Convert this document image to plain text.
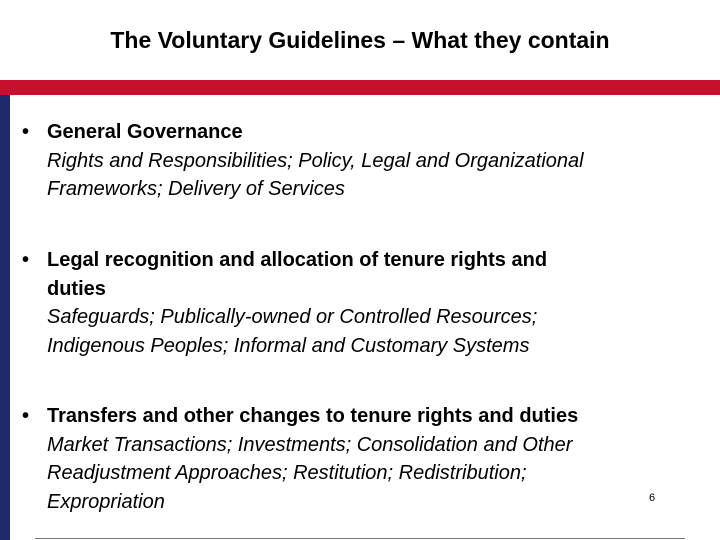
The Voluntary Guidelines – What they contain
• General Governance
Rights and Responsibilities; Policy, Legal and Organizational
Frameworks; Delivery of Services
• Legal recognition and allocation of tenure rights and
duties
Safeguards; Publically-owned or Controlled Resources;
Indigenous Peoples; Informal and Customary Systems
• Transfers and other changes to tenure rights and duties
Market Transactions; Investments; Consolidation and Other
Readjustment Approaches; Restitution; Redistribution;
Expropriation	6
